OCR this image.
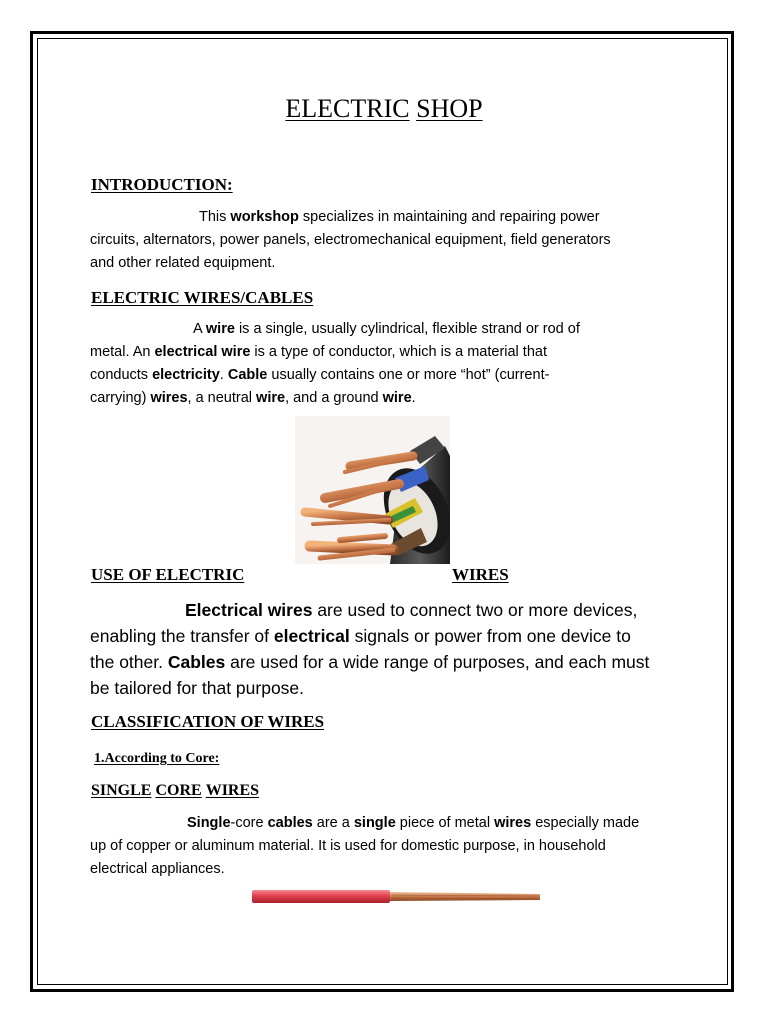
ELECTRIC SHOP
INTRODUCTION:
This workshop specializes in maintaining and repairing power
circuits, alternators, power panels, electromechanical equipment, field generators
and other related equipment.
ELECTRIC WIRES/CABLES
A wire is a single, usually cylindrical, flexible strand or rod of
metal. An electrical wire is a type of conductor, which is a material that
conducts electricity. Cable usually contains one or more “hot” (current-
carrying) wires, a neutral wire, and a ground wire.
USE OF ELECTRIC	WIRES
Electrical wires are used to connect two or more devices,
enabling the transfer of electrical signals or power from one device to
the other. Cables are used for a wide range of purposes, and each must
be tailored for that purpose.
CLASSIFICATION OF WIRES
1.According to Core:
SINGLE CORE WIRES
Single-core cables are a single piece of metal wires especially made
up of copper or aluminum material. It is used for domestic purpose, in household
electrical appliances.
